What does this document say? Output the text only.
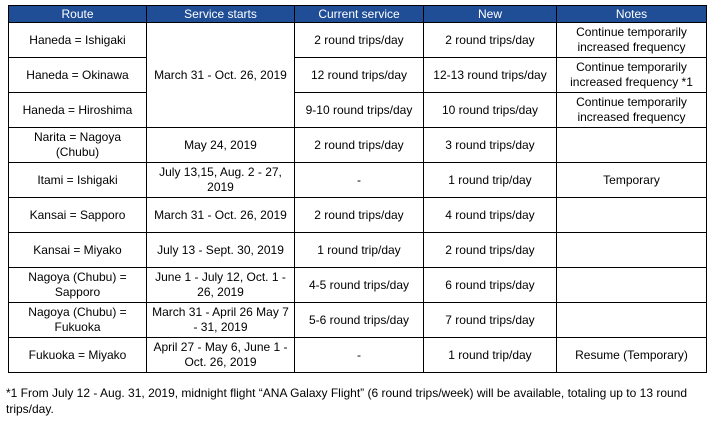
Route	Service starts	Current service	New	Notes
Haneda = Ishigaki	March 31 - Oct. 26, 2019	2 round trips/day	2 round trips/day	Continue temporarily increased frequency
Haneda = Okinawa		12 round trips/day	12-13 round trips/day	Continue temporarily increased frequency *1
Haneda = Hiroshima		9-10 round trips/day	10 round trips/day	Continue temporarily increased frequency
Narita = Nagoya (Chubu)	May 24, 2019	2 round trips/day	3 round trips/day	
Itami = Ishigaki	July 13,15, Aug. 2 - 27, 2019	-	1 round trip/day	Temporary
Kansai = Sapporo	March 31 - Oct. 26, 2019	2 round trips/day	4 round trips/day	
Kansai = Miyako	July 13 - Sept. 30, 2019	1 round trip/day	2 round trips/day	
Nagoya (Chubu) = Sapporo	June 1 - July 12, Oct. 1 - 26, 2019	4-5 round trips/day	6 round trips/day	
Nagoya (Chubu) = Fukuoka	March 31 - April 26 May 7 - 31, 2019	5-6 round trips/day	7 round trips/day	
Fukuoka = Miyako	April 27 - May 6, June 1 - Oct. 26, 2019	-	1 round trip/day	Resume (Temporary)
*1 From July 12 - Aug. 31, 2019, midnight flight “ANA Galaxy Flight” (6 round trips/week) will be available, totaling up to 13 round trips/day.
